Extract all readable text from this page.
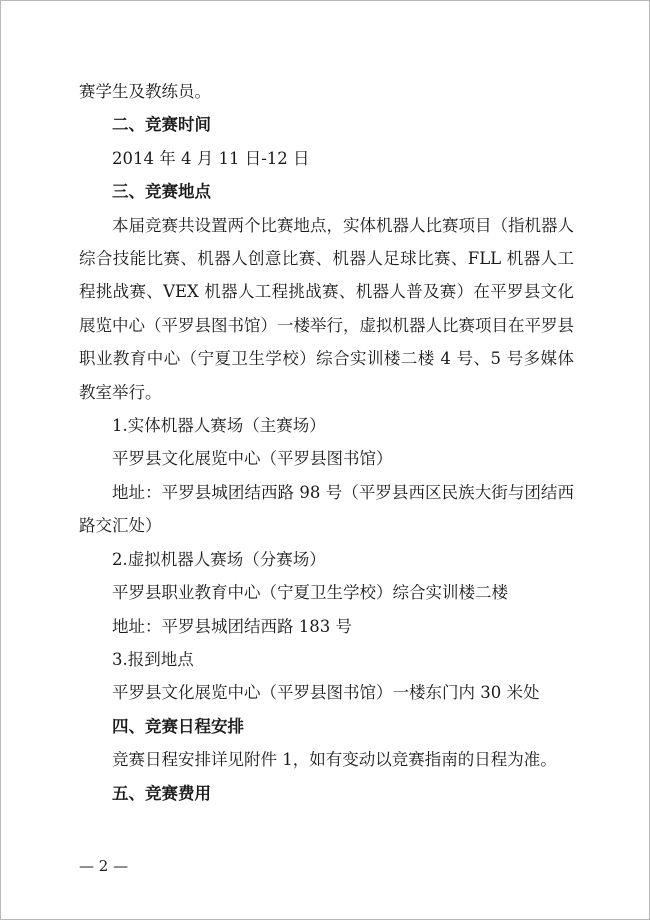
赛学生及教练员。

二、竞赛时间

2014 年 4 月 11 日-12 日

三、竞赛地点

本届竞赛共设置两个比赛地点，实体机器人比赛项目（指机器人综合技能比赛、机器人创意比赛、机器人足球比赛、FLL 机器人工程挑战赛、VEX 机器人工程挑战赛、机器人普及赛）在平罗县文化展览中心（平罗县图书馆）一楼举行，虚拟机器人比赛项目在平罗县职业教育中心（宁夏卫生学校）综合实训楼二楼 4 号、5 号多媒体教室举行。

1.实体机器人赛场（主赛场）

平罗县文化展览中心（平罗县图书馆）

地址：平罗县城团结西路 98 号（平罗县西区民族大街与团结西路交汇处）

2.虚拟机器人赛场（分赛场）

平罗县职业教育中心（宁夏卫生学校）综合实训楼二楼

地址：平罗县城团结西路 183 号

3.报到地点

平罗县文化展览中心（平罗县图书馆）一楼东门内 30 米处

四、竞赛日程安排

竞赛日程安排详见附件 1，如有变动以竞赛指南的日程为准。

五、竞赛费用

— 2 —
